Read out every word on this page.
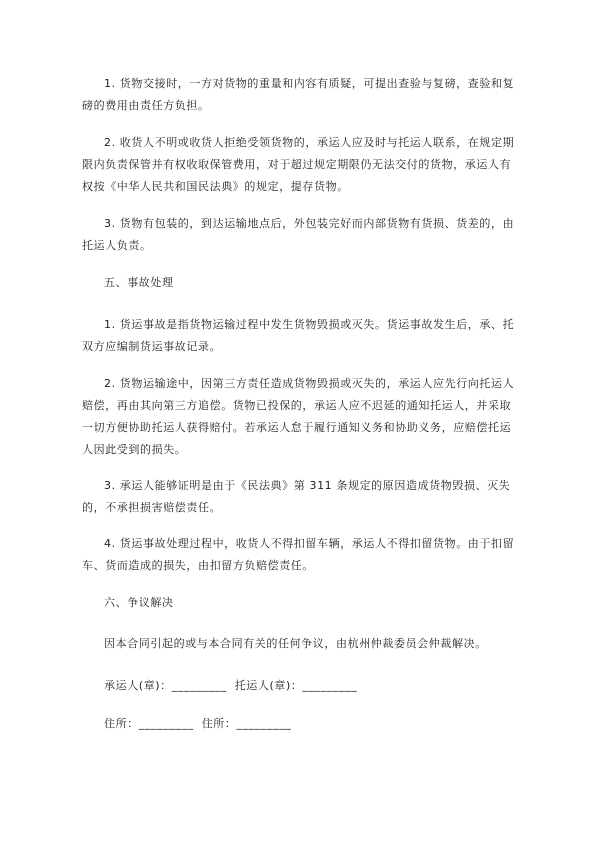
1. 货物交接时，一方对货物的重量和内容有质疑，可提出查验与复磅，查验和复磅的费用由责任方负担。

2. 收货人不明或收货人拒绝受领货物的，承运人应及时与托运人联系，在规定期限内负责保管并有权收取保管费用，对于超过规定期限仍无法交付的货物，承运人有权按《中华人民共和国民法典》的规定，提存货物。

3. 货物有包装的，到达运输地点后，外包装完好而内部货物有货损、货差的，由托运人负责。

五、事故处理

1. 货运事故是指货物运输过程中发生货物毁损或灭失。货运事故发生后，承、托双方应编制货运事故记录。

2. 货物运输途中，因第三方责任造成货物毁损或灭失的，承运人应先行向托运人赔偿，再由其向第三方追偿。货物已投保的，承运人应不迟延的通知托运人，并采取一切方便协助托运人获得赔付。若承运人怠于履行通知义务和协助义务，应赔偿托运人因此受到的损失。

3. 承运人能够证明是由于《民法典》第 311 条规定的原因造成货物毁损、灭失的，不承担损害赔偿责任。

4. 货运事故处理过程中，收货人不得扣留车辆，承运人不得扣留货物。由于扣留车、货而造成的损失，由扣留方负赔偿责任。

六、争议解决

因本合同引起的或与本合同有关的任何争议，由杭州仲裁委员会仲裁解决。

承运人(章)：_________ 托运人(章)：_________

住所：_________ 住所：_________
